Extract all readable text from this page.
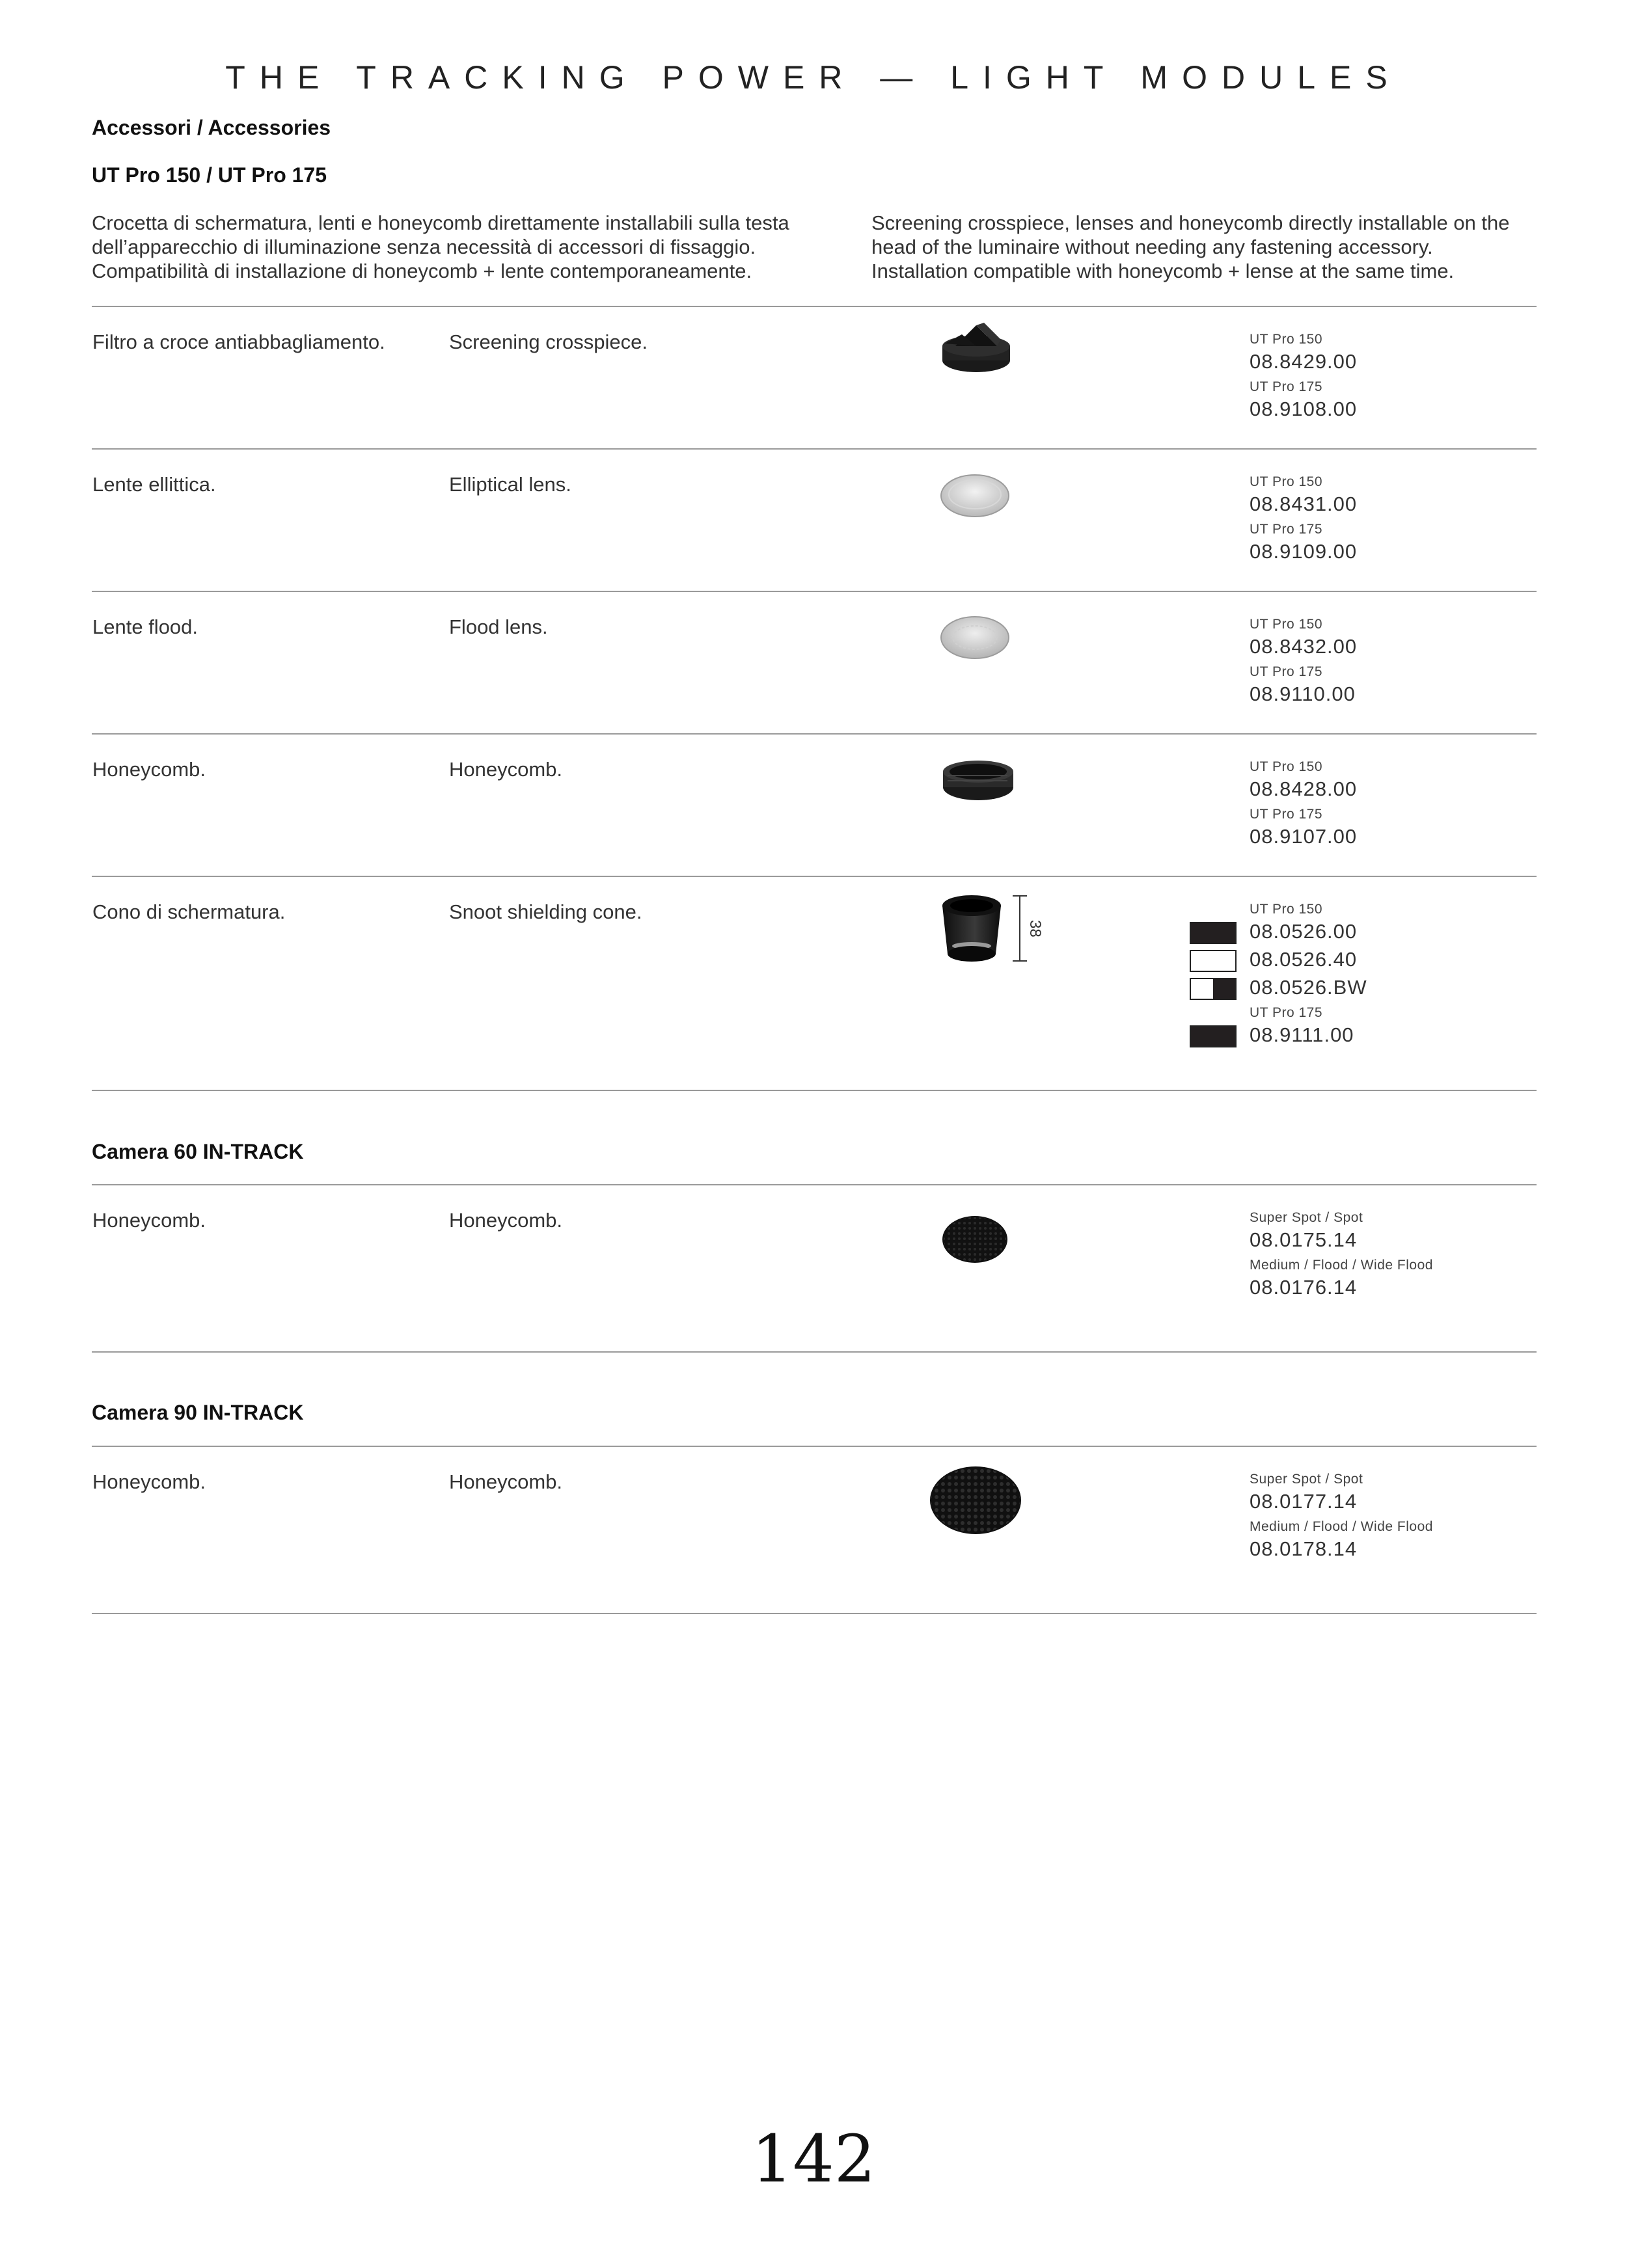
THE TRACKING POWER — LIGHT MODULES
Accessori / Accessories
UT Pro 150 / UT Pro 175
Crocetta di schermatura, lenti e honeycomb direttamente installabili sulla testa dell’apparecchio di illuminazione senza necessità di accessori di fissaggio. Compatibilità di installazione di honeycomb + lente contemporaneamente.
Screening crosspiece, lenses and honeycomb directly installable on the head of the luminaire without needing any fastening accessory. Installation compatible with honeycomb + lense at the same time.
Filtro a croce antiabbagliamento.	Screening crosspiece.	UT Pro 150
08.8429.00
UT Pro 175
08.9108.00
Lente ellittica.	Elliptical lens.	UT Pro 150
08.8431.00
UT Pro 175
08.9109.00
Lente flood.	Flood lens.	UT Pro 150
08.8432.00
UT Pro 175
08.9110.00
Honeycomb.	Honeycomb.	UT Pro 150
08.8428.00
UT Pro 175
08.9107.00
Cono di schermatura.	Snoot shielding cone.
38
UT Pro 150
08.0526.00
08.0526.40
08.0526.BW
UT Pro 175
08.9111.00
Camera 60 IN-TRACK
Honeycomb.	Honeycomb.	Super Spot / Spot
08.0175.14
Medium / Flood / Wide Flood
08.0176.14
Camera 90 IN-TRACK
Honeycomb.	Honeycomb.	Super Spot / Spot
08.0177.14
Medium / Flood / Wide Flood
08.0178.14
142
